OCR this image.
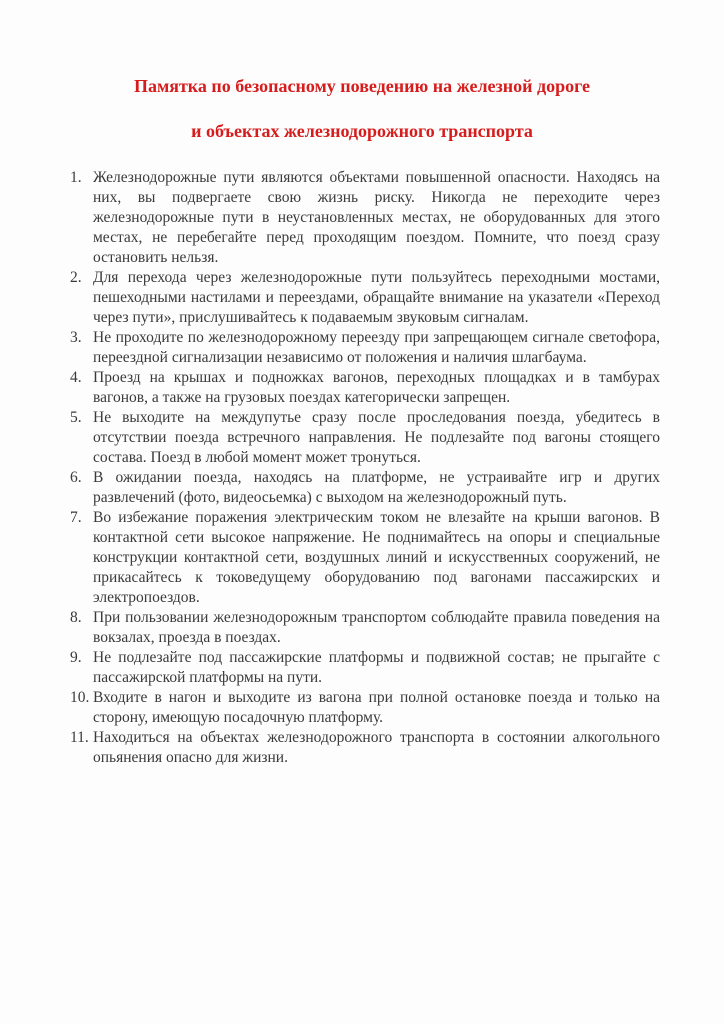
Памятка по безопасному поведению на железной дороге
и объектах железнодорожного транспорта
1. Железнодорожные пути являются объектами повышенной опасности. Находясь на них, вы подвергаете свою жизнь риску. Никогда не переходите через железнодорожные пути в неустановленных местах, не оборудованных для этого местах, не перебегайте перед проходящим поездом. Помните, что поезд сразу остановить нельзя.
2. Для перехода через железнодорожные пути пользуйтесь переходными мостами, пешеходными настилами и переездами, обращайте внимание на указатели «Переход через пути», прислушивайтесь к подаваемым звуковым сигналам.
3. Не проходите по железнодорожному переезду при запрещающем сигнале светофора, переездной сигнализации независимо от положения и наличия шлагбаума.
4. Проезд на крышах и подножках вагонов, переходных площадках и в тамбурах вагонов, а также на грузовых поездах категорически запрещен.
5. Не выходите на междупутье сразу после проследования поезда, убедитесь в отсутствии поезда встречного направления. Не подлезайте под вагоны стоящего состава. Поезд в любой момент может тронуться.
6. В ожидании поезда, находясь на платформе, не устраивайте игр и других развлечений (фото, видеосьемка) с выходом на железнодорожный путь.
7. Во избежание поражения электрическим током не влезайте на крыши вагонов. В контактной сети высокое напряжение. Не поднимайтесь на опоры и специальные конструкции контактной сети, воздушных линий и искусственных сооружений, не прикасайтесь к токоведущему оборудованию под вагонами пассажирских и электропоездов.
8. При пользовании железнодорожным транспортом соблюдайте правила поведения на вокзалах, проезда в поездах.
9. Не подлезайте под пассажирские платформы и подвижной состав; не прыгайте с пассажирской платформы на пути.
10. Входите в нагон и выходите из вагона при полной остановке поезда и только на сторону, имеющую посадочную платформу.
11. Находиться на объектах железнодорожного транспорта в состоянии алкогольного опьянения опасно для жизни.
